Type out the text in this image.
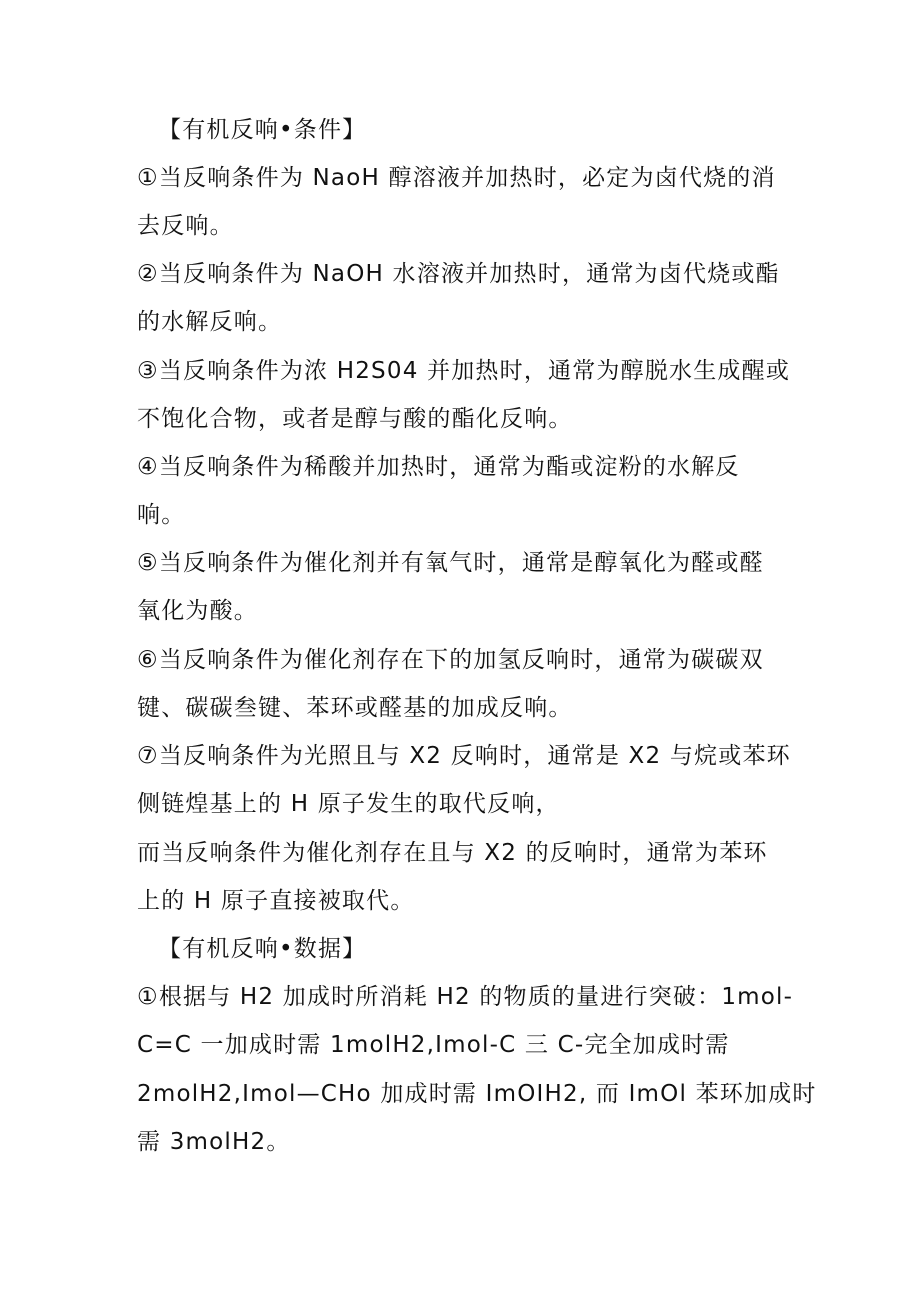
【有机反响•条件】
①当反响条件为 NaoH 醇溶液并加热时，必定为卤代烧的消
去反响。
②当反响条件为 NaOH 水溶液并加热时，通常为卤代烧或酯
的水解反响。
③当反响条件为浓 H2S04 并加热时，通常为醇脱水生成醒或
不饱化合物，或者是醇与酸的酯化反响。
④当反响条件为稀酸并加热时，通常为酯或淀粉的水解反
响。
⑤当反响条件为催化剂并有氧气时，通常是醇氧化为醛或醛
氧化为酸。
⑥当反响条件为催化剂存在下的加氢反响时，通常为碳碳双
键、碳碳叁键、苯环或醛基的加成反响。
⑦当反响条件为光照且与 X2 反响时，通常是 X2 与烷或苯环
侧链煌基上的 H 原子发生的取代反响，
而当反响条件为催化剂存在且与 X2 的反响时，通常为苯环
上的 H 原子直接被取代。
【有机反响•数据】
①根据与 H2 加成时所消耗 H2 的物质的量进行突破：1mol-
C=C 一加成时需 1molH2,Imol-C 三 C-完全加成时需
2molH2,Imol—CHo 加成时需 ImOIH2, 而 ImOl 苯环加成时
需 3molH2。
